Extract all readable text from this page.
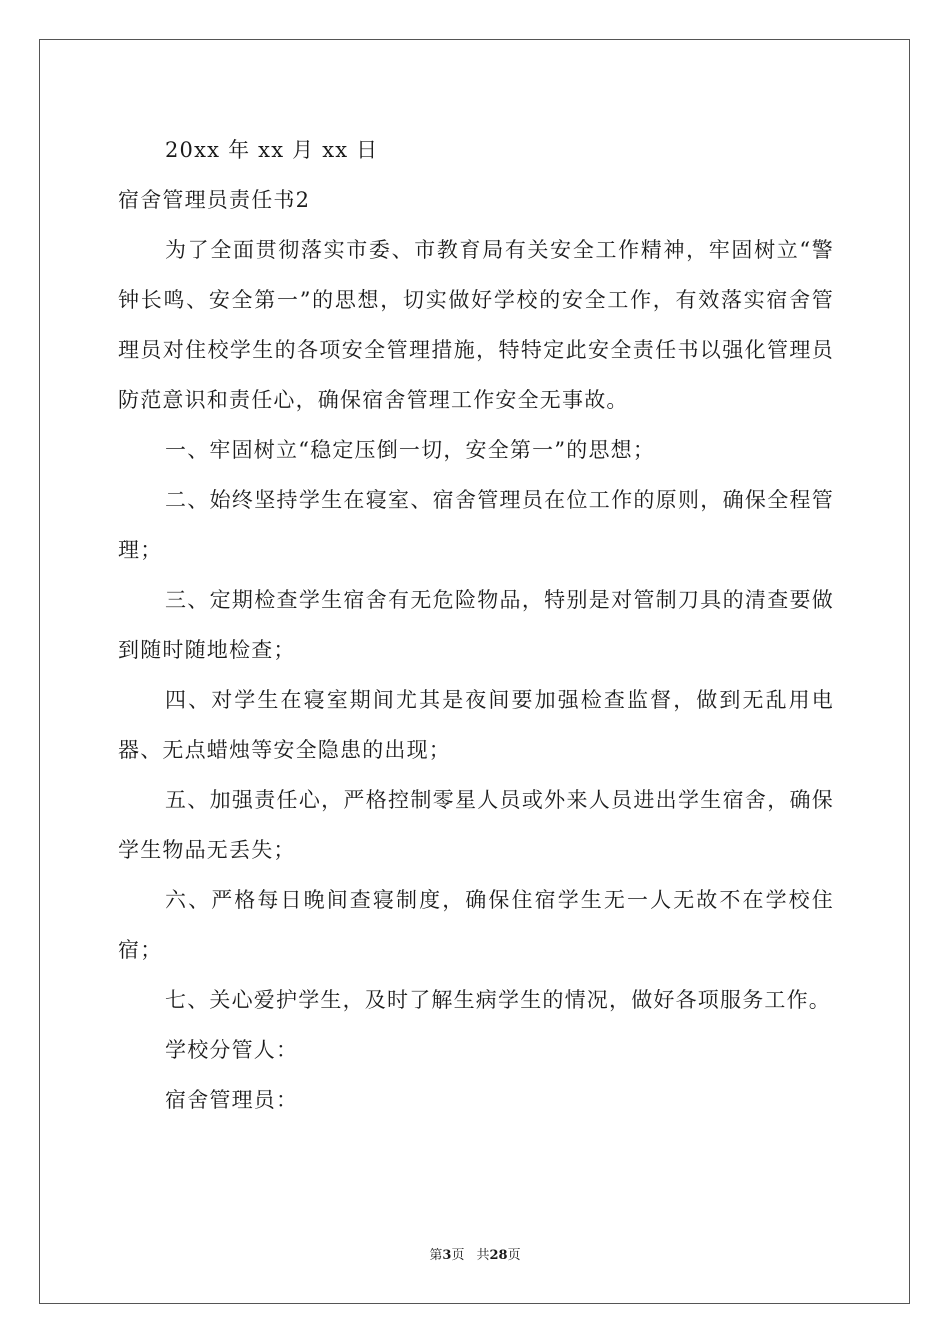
20xx 年 xx 月 xx 日

宿舍管理员责任书2

为了全面贯彻落实市委、市教育局有关安全工作精神，牢固树立“警钟长鸣、安全第一”的思想，切实做好学校的安全工作，有效落实宿舍管理员对住校学生的各项安全管理措施，特特定此安全责任书以强化管理员防范意识和责任心，确保宿舍管理工作安全无事故。

一、牢固树立“稳定压倒一切，安全第一”的思想；

二、始终坚持学生在寝室、宿舍管理员在位工作的原则，确保全程管理；

三、定期检查学生宿舍有无危险物品，特别是对管制刀具的清查要做到随时随地检查；

四、对学生在寝室期间尤其是夜间要加强检查监督，做到无乱用电器、无点蜡烛等安全隐患的出现；

五、加强责任心，严格控制零星人员或外来人员进出学生宿舍，确保学生物品无丢失；

六、严格每日晚间查寝制度，确保住宿学生无一人无故不在学校住宿；

七、关心爱护学生，及时了解生病学生的情况，做好各项服务工作。

学校分管人：

宿舍管理员：

第3页 共28页
